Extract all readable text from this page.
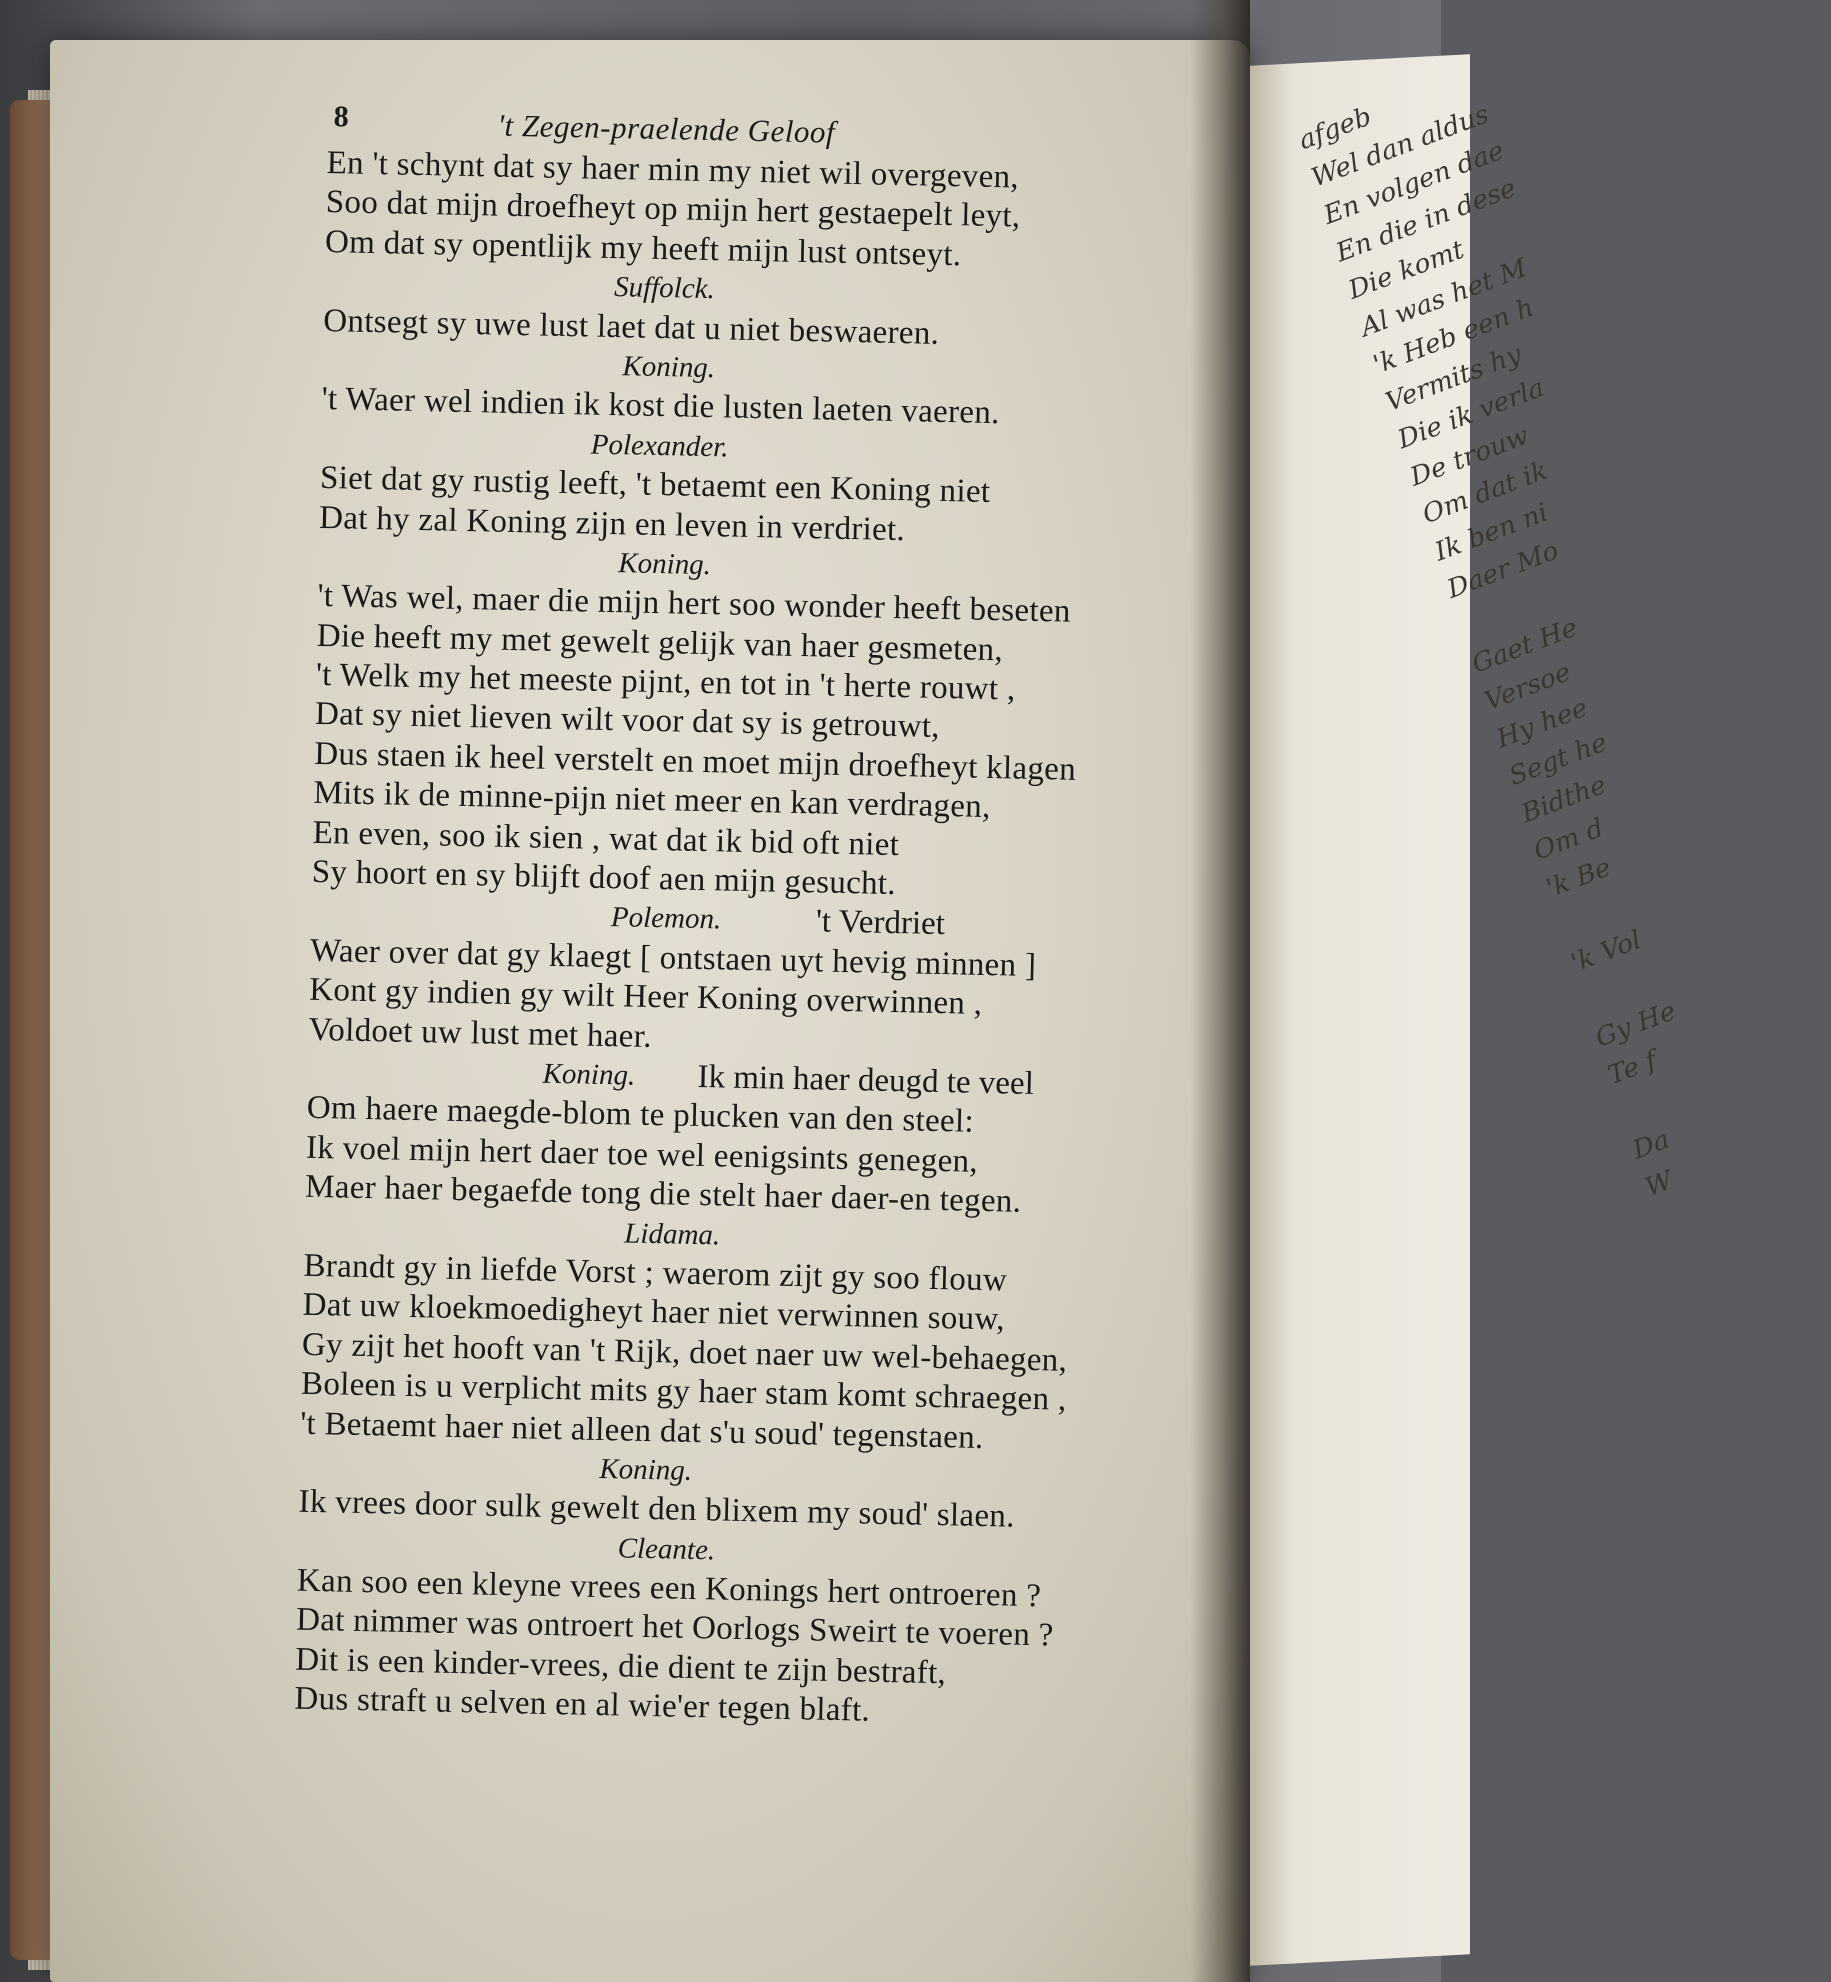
afgeb
Wel dan aldus
En volgen dae
En die in dese
Die komt
Al was het M
'k Heb een h
Vermits hy
Die ik verla
De trouw
Om dat ik
Ik ben ni
Daer Mo

Gaet He
Versoe
Hy hee
Segt he
Bidthe
Om d
'k Be

'k Vol

Gy He
Te f

Da
W
8	't Zegen-praelende Geloof
En 't schynt dat sy haer min my niet wil overgeven,
Soo dat mijn droefheyt op mijn hert gestaepelt leyt,
Om dat sy opentlijk my heeft mijn lust ontseyt.
Suffolck.
Ontsegt sy uwe lust laet dat u niet beswaeren.
Koning.
't Waer wel indien ik kost die lusten laeten vaeren.
Polexander.
Siet dat gy rustig leeft, 't betaemt een Koning niet
Dat hy zal Koning zijn en leven in verdriet.
Koning.
't Was wel, maer die mijn hert soo wonder heeft beseten
Die heeft my met gewelt gelijk van haer gesmeten,
't Welk my het meeste pijnt, en tot in 't herte rouwt ,
Dat sy niet lieven wilt voor dat sy is getrouwt,
Dus staen ik heel verstelt en moet mijn droefheyt klagen
Mits ik de minne-pijn niet meer en kan verdragen,
En even, soo ik sien , wat dat ik bid oft niet
Sy hoort en sy blijft doof aen mijn gesucht.
Polemon.	't Verdriet
Waer over dat gy klaegt [ ontstaen uyt hevig minnen ]
Kont gy indien gy wilt Heer Koning overwinnen ,
Voldoet uw lust met haer.
Koning. Ik min haer deugd te veel
Om haere maegde-blom te plucken van den steel:
Ik voel mijn hert daer toe wel eenigsints genegen,
Maer haer begaefde tong die stelt haer daer-en tegen.
Lidama.
Brandt gy in liefde Vorst ; waerom zijt gy soo flouw
Dat uw kloekmoedigheyt haer niet verwinnen souw,
Gy zijt het hooft van 't Rijk, doet naer uw wel-behaegen,
Boleen is u verplicht mits gy haer stam komt schraegen ,
't Betaemt haer niet alleen dat s'u soud' tegenstaen.
Koning.
Ik vrees door sulk gewelt den blixem my soud' slaen.
Cleante.
Kan soo een kleyne vrees een Konings hert ontroeren ?
Dat nimmer was ontroert het Oorlogs Sweirt te voeren ?
Dit is een kinder-vrees, die dient te zijn bestraft,
Dus straft u selven en al wie'er tegen blaft.
